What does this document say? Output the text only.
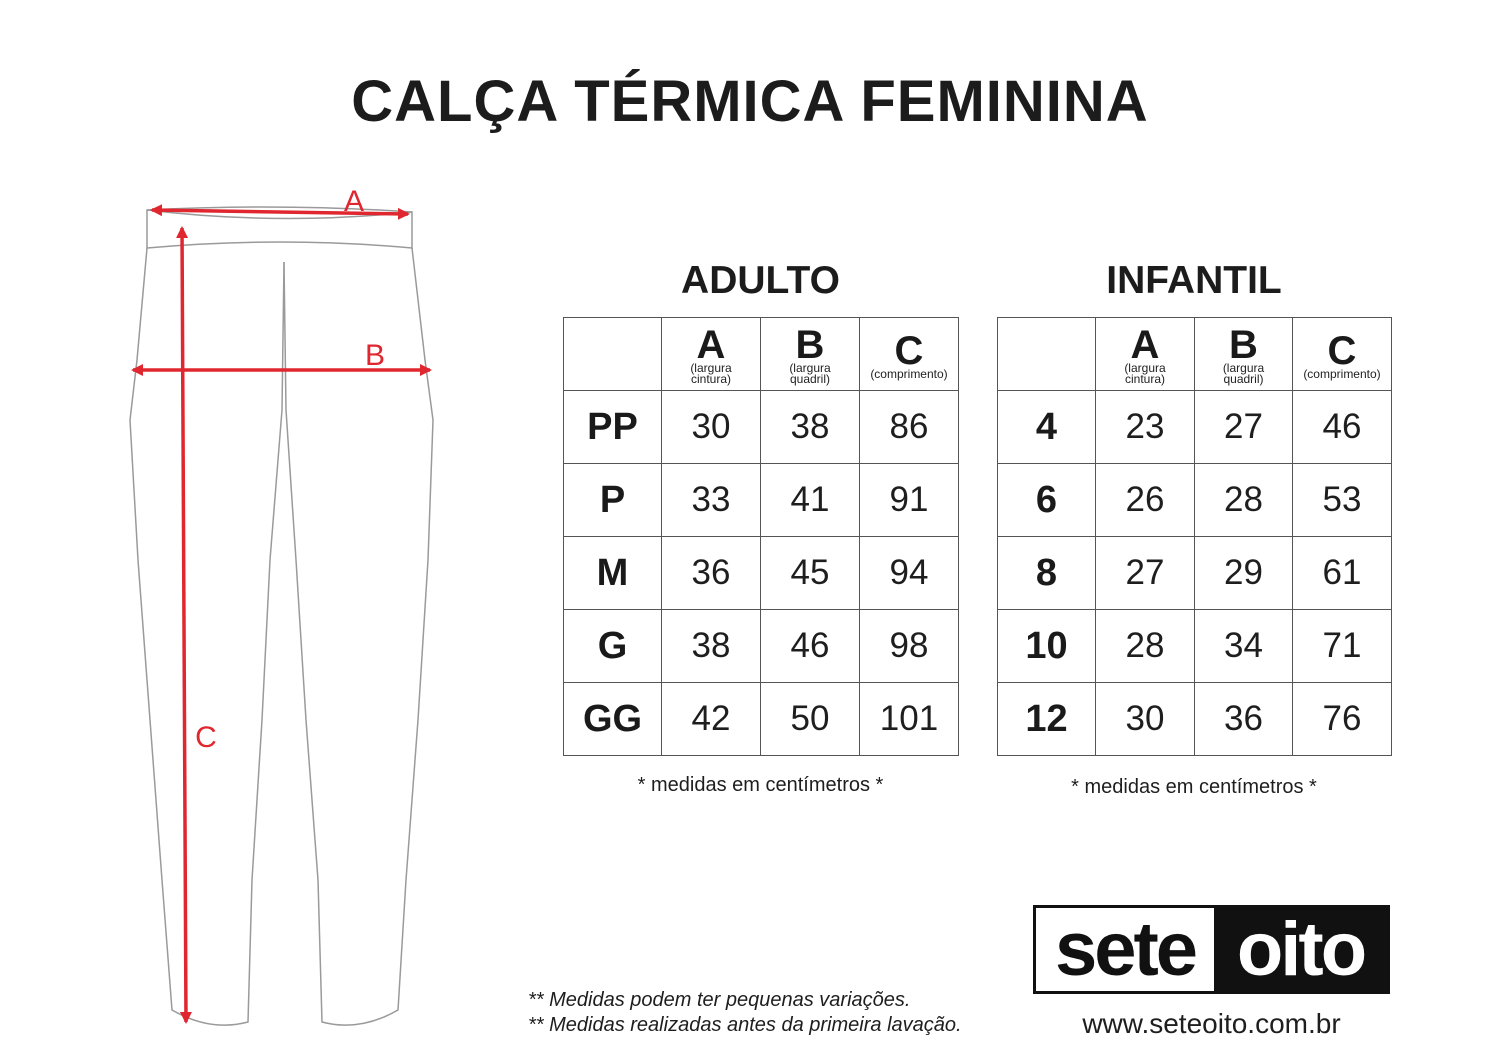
CALÇA TÉRMICA FEMININA
A
B
C
ADULTO

	A
(largura
cintura)	B
(largura
quadril)	C
(comprimento)

PP	30	38	86
P	33	41	91
M	36	45	94
G	38	46	98
GG	42	50	101
* medidas em centímetros *
INFANTIL

	A
(largura
cintura)	B
(largura
quadril)	C
(comprimento)

4	23	27	46
6	26	28	53
8	27	29	61
10	28	34	71
12	30	36	76
* medidas em centímetros *
** Medidas podem ter pequenas variações.
** Medidas realizadas antes da primeira lavação.
sete oito
www.seteoito.com.br
